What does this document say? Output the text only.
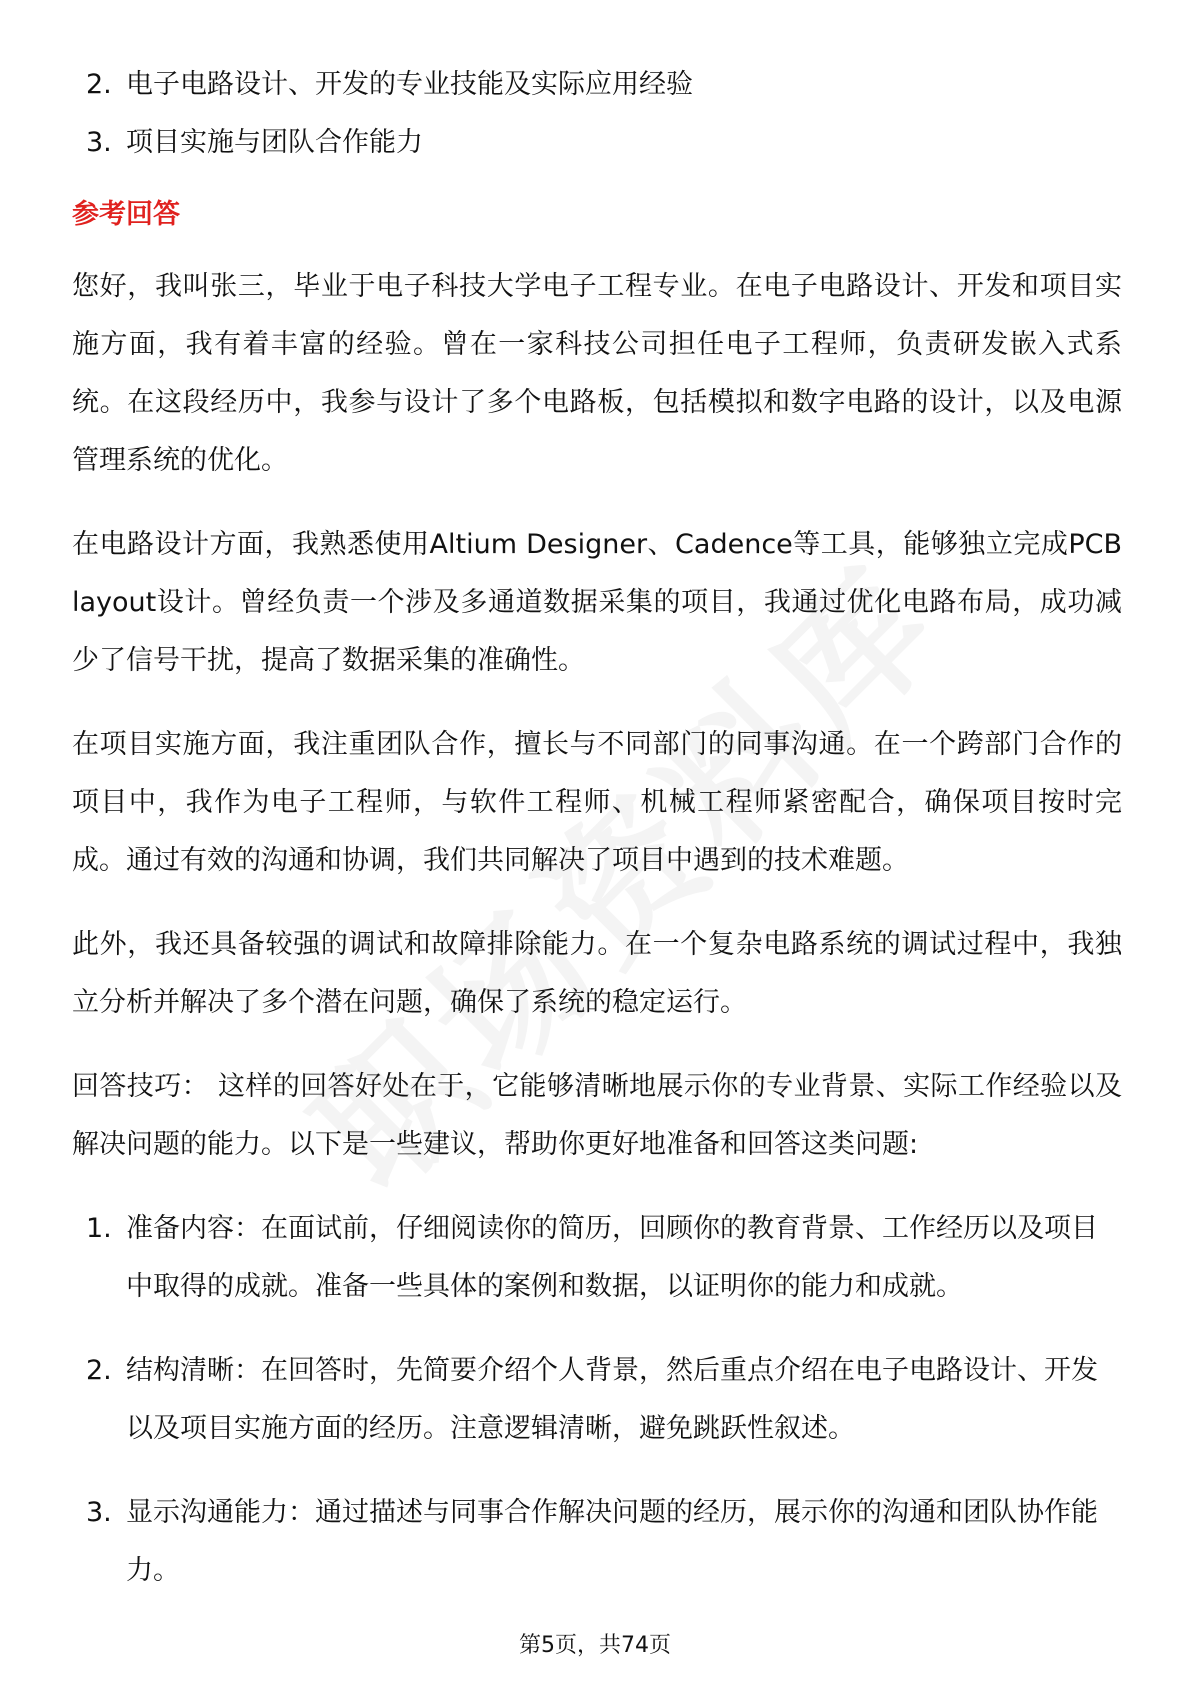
2. 电子电路设计、开发的专业技能及实际应用经验
3. 项目实施与团队合作能力
参考回答

您好，我叫张三，毕业于电子科技大学电子工程专业。在电子电路设计、开发和项目实施方面，我有着丰富的经验。曾在一家科技公司担任电子工程师，负责研发嵌入式系统。在这段经历中，我参与设计了多个电路板，包括模拟和数字电路的设计，以及电源管理系统的优化。

在电路设计方面，我熟悉使用Altium Designer、Cadence等工具，能够独立完成PCB layout设计。曾经负责一个涉及多通道数据采集的项目，我通过优化电路布局，成功减少了信号干扰，提高了数据采集的准确性。

在项目实施方面，我注重团队合作，擅长与不同部门的同事沟通。在一个跨部门合作的项目中，我作为电子工程师，与软件工程师、机械工程师紧密配合，确保项目按时完成。通过有效的沟通和协调，我们共同解决了项目中遇到的技术难题。

此外，我还具备较强的调试和故障排除能力。在一个复杂电路系统的调试过程中，我独立分析并解决了多个潜在问题，确保了系统的稳定运行。

回答技巧： 这样的回答好处在于，它能够清晰地展示你的专业背景、实际工作经验以及解决问题的能力。以下是一些建议，帮助你更好地准备和回答这类问题:

1. 准备内容：在面试前，仔细阅读你的简历，回顾你的教育背景、工作经历以及项目中取得的成就。准备一些具体的案例和数据，以证明你的能力和成就。
2. 结构清晰：在回答时，先简要介绍个人背景，然后重点介绍在电子电路设计、开发以及项目实施方面的经历。注意逻辑清晰，避免跳跃性叙述。
3. 显示沟通能力：通过描述与同事合作解决问题的经历，展示你的沟通和团队协作能力。
第5页，共74页
